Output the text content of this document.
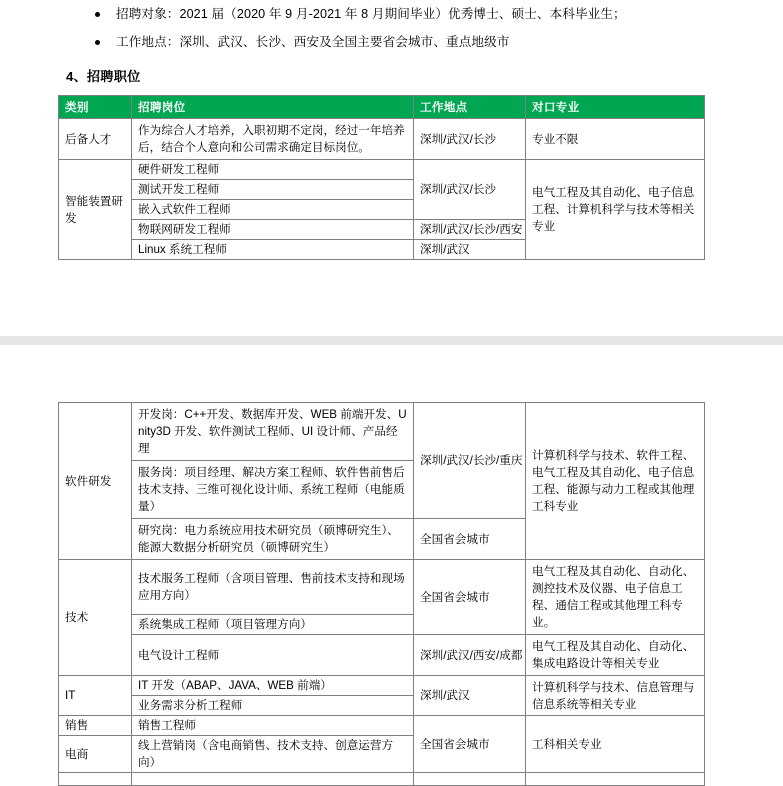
招聘对象：2021 届（2020 年 9 月-2021 年 8 月期间毕业）优秀博士、硕士、本科毕业生；
工作地点：深圳、武汉、长沙、西安及全国主要省会城市、重点地级市
4、招聘职位
类别	招聘岗位	工作地点	对口专业
后备人才	作为综合人才培养，入职初期不定岗，经过一年培养后，结合个人意向和公司需求确定目标岗位。	深圳/武汉/长沙	专业不限
智能装置研发	硬件研发工程师	深圳/武汉/长沙	电气工程及其自动化、电子信息工程、计算机科学与技术等相关专业
	测试开发工程师		
	嵌入式软件工程师		
	物联网研发工程师	深圳/武汉/长沙/西安	
	Linux 系统工程师	深圳/武汉	
软件研发	开发岗：C++开发、数据库开发、WEB 前端开发、Unity3D 开发、软件测试工程师、UI 设计师、产品经理	深圳/武汉/长沙/重庆	计算机科学与技术、软件工程、电气工程及其自动化、电子信息工程、能源与动力工程或其他理工科专业
	服务岗：项目经理、解决方案工程师、软件售前售后技术支持、三维可视化设计师、系统工程师（电能质量）		
	研究岗：电力系统应用技术研究员（硕博研究生）、能源大数据分析研究员（硕博研究生）	全国省会城市	
技术	技术服务工程师（含项目管理、售前技术支持和现场应用方向）	全国省会城市	电气工程及其自动化、自动化、测控技术及仪器、电子信息工程、通信工程或其他理工科专业。
	系统集成工程师（项目管理方向）		
	电气设计工程师	深圳/武汉/西安/成都	电气工程及其自动化、自动化、集成电路设计等相关专业
IT	IT 开发（ABAP、JAVA、WEB 前端）	深圳/武汉	计算机科学与技术、信息管理与信息系统等相关专业
	业务需求分析工程师		
销售	销售工程师	全国省会城市	工科相关专业
电商	线上营销岗（含电商销售、技术支持、创意运营方向）		
